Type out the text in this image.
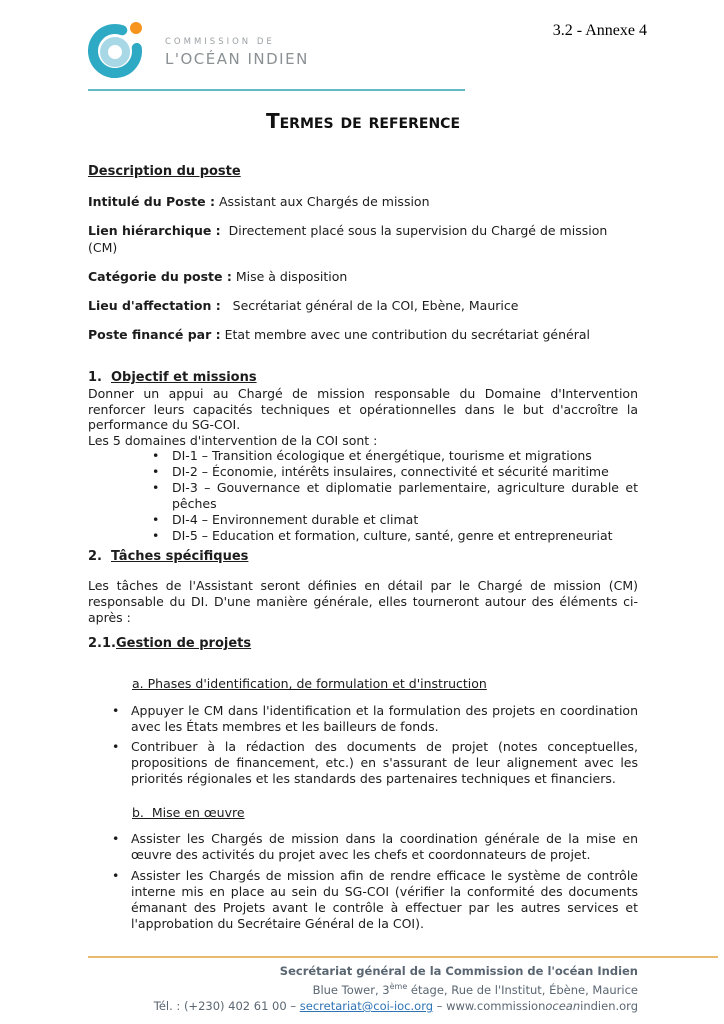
3.2 - Annexe 4
COMMISSION DE
L'OCÉAN INDIEN
Termes de reference
Description du poste
Intitulé du Poste : Assistant aux Chargés de mission
Lien hiérarchique :  Directement placé sous la supervision du Chargé de mission (CM)
Catégorie du poste : Mise à disposition
Lieu d'affectation :   Secrétariat général de la COI, Ebène, Maurice
Poste financé par : Etat membre avec une contribution du secrétariat général
1. Objectif et missions

Donner un appui au Chargé de mission responsable du Domaine d'Intervention renforcer leurs capacités techniques et opérationnelles dans le but d'accroître la performance du SG-COI.

Les 5 domaines d'intervention de la COI sont :

•	DI-1 – Transition écologique et énergétique, tourisme et migrations
•	DI-2 – Économie, intérêts insulaires, connectivité et sécurité maritime
•	DI-3 – Gouvernance et diplomatie parlementaire, agriculture durable et pêches
•	DI-4 – Environnement durable et climat
•	DI-5 – Education et formation, culture, santé, genre et entrepreneuriat
2. Tâches spécifiques

Les tâches de l'Assistant seront définies en détail par le Chargé de mission (CM) responsable du DI. D'une manière générale, elles tourneront autour des éléments ci-après :

2.1.Gestion de projets
a. Phases d'identification, de formulation et d'instruction
• Appuyer le CM dans l'identification et la formulation des projets en coordination avec les États membres et les bailleurs de fonds.
• Contribuer à la rédaction des documents de projet (notes conceptuelles, propositions de financement, etc.) en s'assurant de leur alignement avec les priorités régionales et les standards des partenaires techniques et financiers.
b.  Mise en œuvre
• Assister les Chargés de mission dans la coordination générale de la mise en œuvre des activités du projet avec les chefs et coordonnateurs de projet.
• Assister les Chargés de mission afin de rendre efficace le système de contrôle interne mis en place au sein du SG-COI (vérifier la conformité des documents émanant des Projets avant le contrôle à effectuer par les autres services et l'approbation du Secrétaire Général de la COI).
Secrétariat général de la Commission de l'océan Indien
Blue Tower, 3ème étage, Rue de l'Institut, Ébène, Maurice
Tél. : (+230) 402 61 00 – secretariat@coi-ioc.org – www.commissionoceanindien.org
